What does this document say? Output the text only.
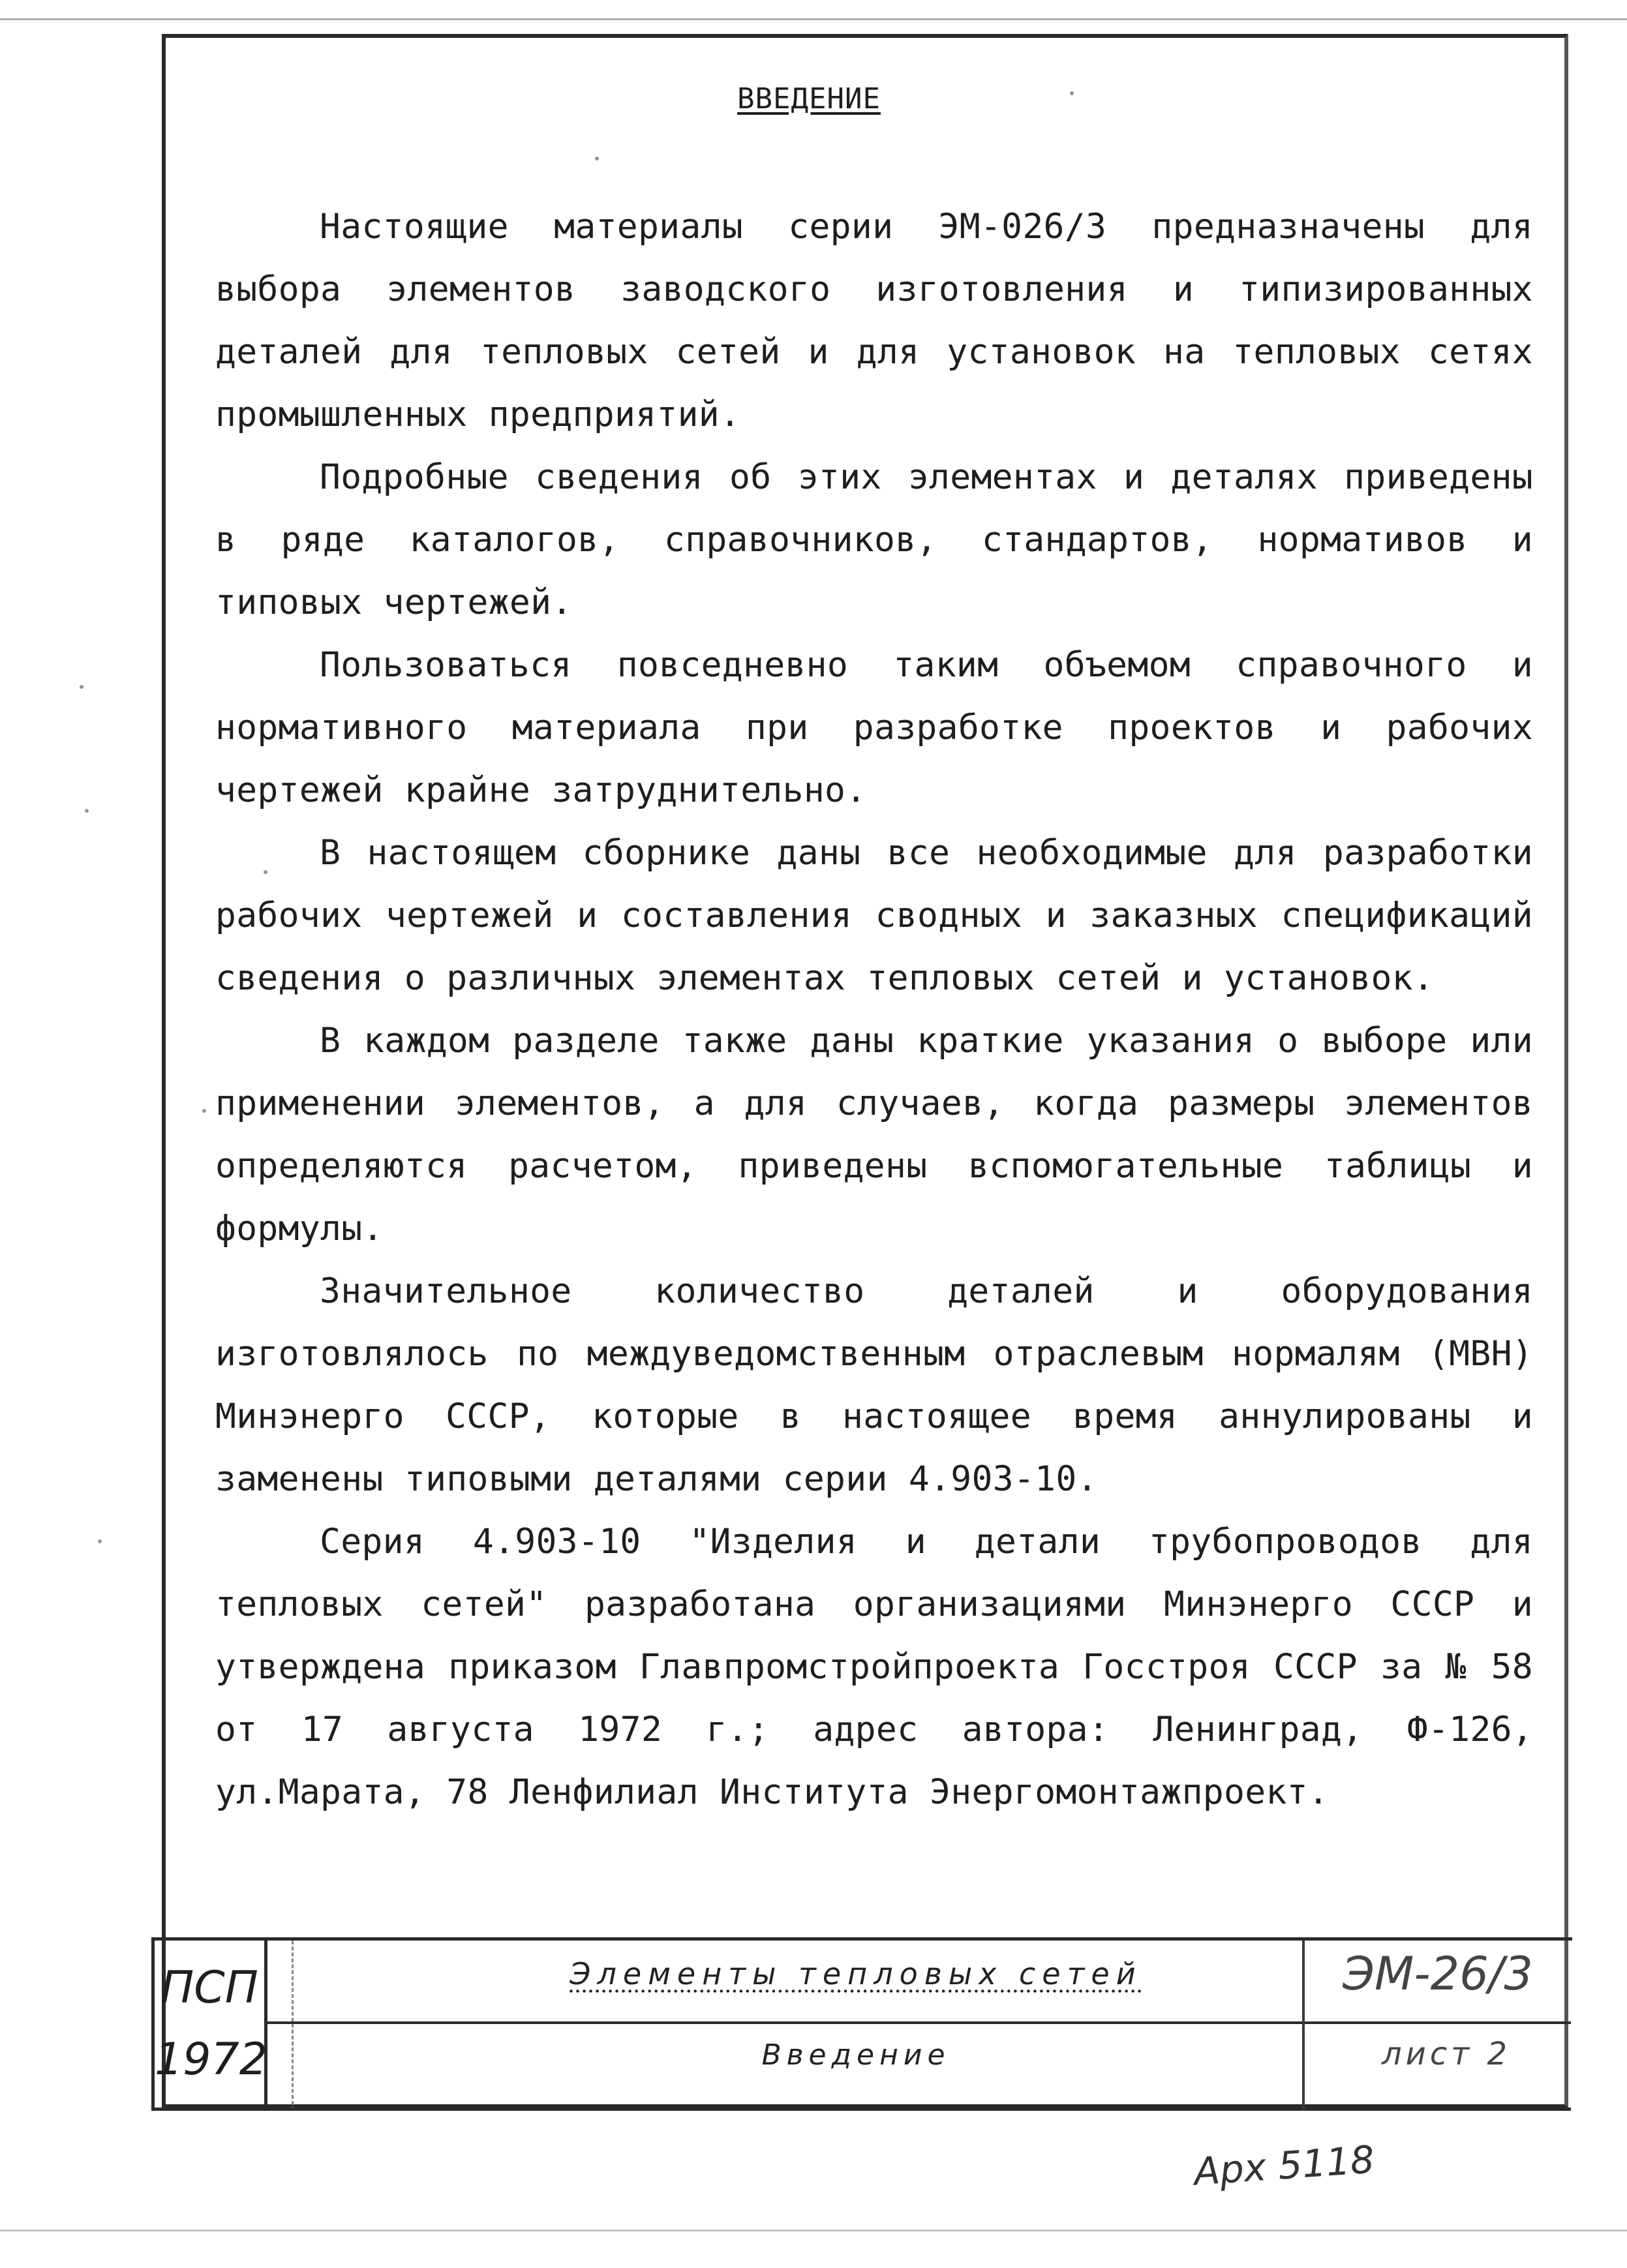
ВВЕДЕНИЕ

Настоящие материалы серии ЭМ-026/3 предназначены для выбора элементов заводского изготовления и типизированных деталей для тепловых сетей и для установок на тепловых сетях промышленных предприятий.

Подробные сведения об этих элементах и деталях приведены в ряде каталогов, справочников, стандартов, нормативов и типовых чертежей.

Пользоваться повседневно таким объемом справочного и нормативного материала при разработке проектов и рабочих чертежей крайне затруднительно.

В настоящем сборнике даны все необходимые для разработки рабочих чертежей и составления сводных и заказных спецификаций сведения о различных элементах тепловых сетей и установок.

В каждом разделе также даны краткие указания о выборе или применении элементов, а для случаев, когда размеры элементов определяются расчетом, приведены вспомогательные таблицы и формулы.

Значительное количество деталей и оборудования изготовлялось по междуведомственным отраслевым нормалям (МВН) Минэнерго СССР, которые в настоящее время аннулированы и заменены типовыми деталями серии 4.903-10.

Серия 4.903-10 "Изделия и детали трубопроводов для тепловых сетей" разработана организациями Минэнерго СССР и утверждена приказом Главпромстройпроекта Госстроя СССР за № 58 от 17 августа 1972 г.; адрес автора: Ленинград, Ф-126, ул.Марата, 78 Ленфилиал Института Энергомонтажпроект.

ПСП
1972
Элементы тепловых сетей
Введение
ЭМ-26/3
лист 2
Арх 5118
